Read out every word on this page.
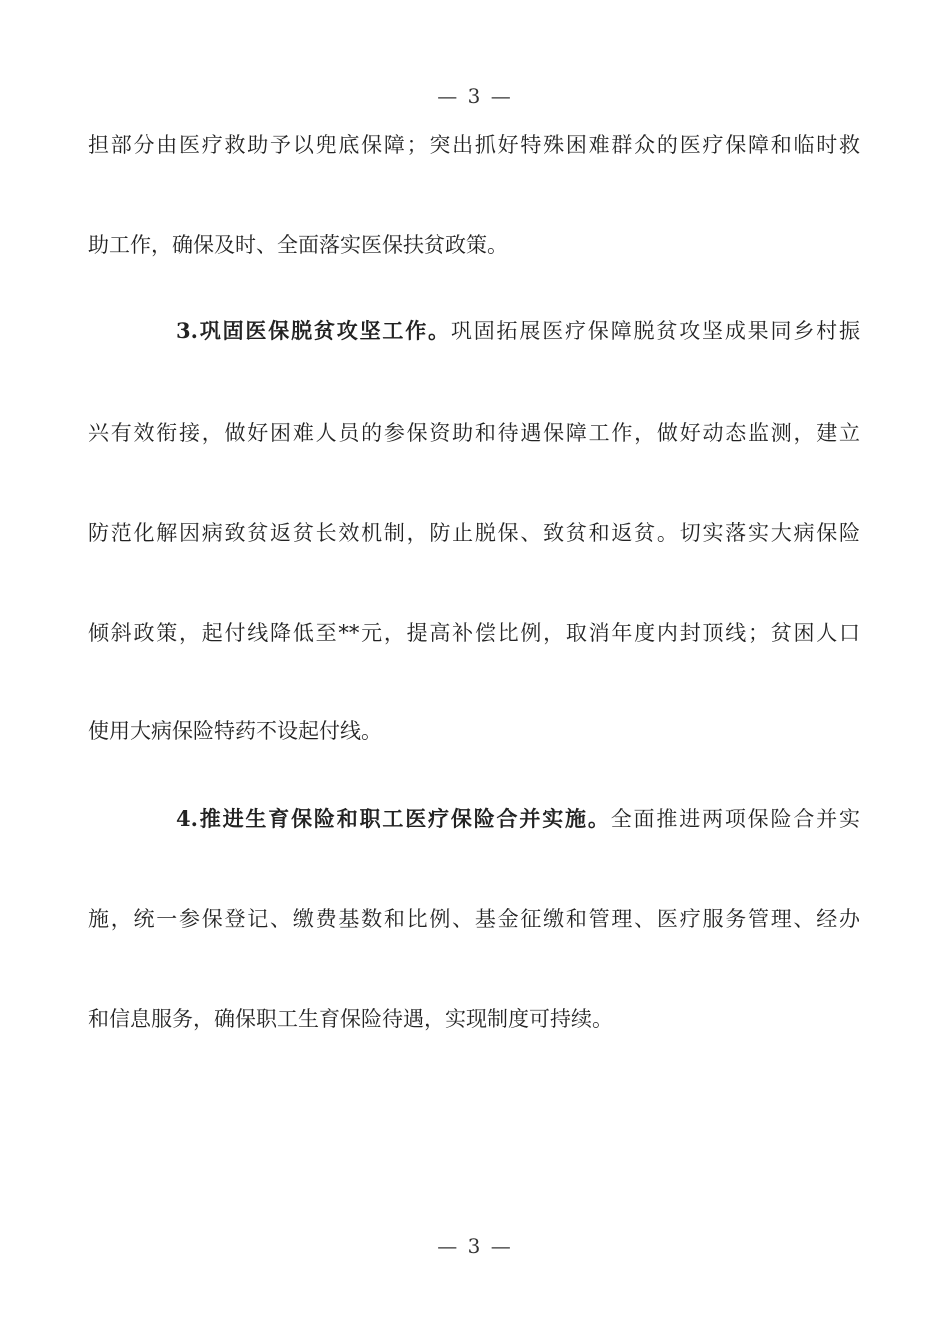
— 3 —
担部分由医疗救助予以兜底保障；突出抓好特殊困难群众的医疗保障和临时救
助工作，确保及时、全面落实医保扶贫政策。
3.巩固医保脱贫攻坚工作。巩固拓展医疗保障脱贫攻坚成果同乡村振
兴有效衔接，做好困难人员的参保资助和待遇保障工作，做好动态监测，建立
防范化解因病致贫返贫长效机制，防止脱保、致贫和返贫。切实落实大病保险
倾斜政策，起付线降低至**元，提高补偿比例，取消年度内封顶线；贫困人口
使用大病保险特药不设起付线。
4.推进生育保险和职工医疗保险合并实施。全面推进两项保险合并实
施，统一参保登记、缴费基数和比例、基金征缴和管理、医疗服务管理、经办
和信息服务，确保职工生育保险待遇，实现制度可持续。
— 3 —
